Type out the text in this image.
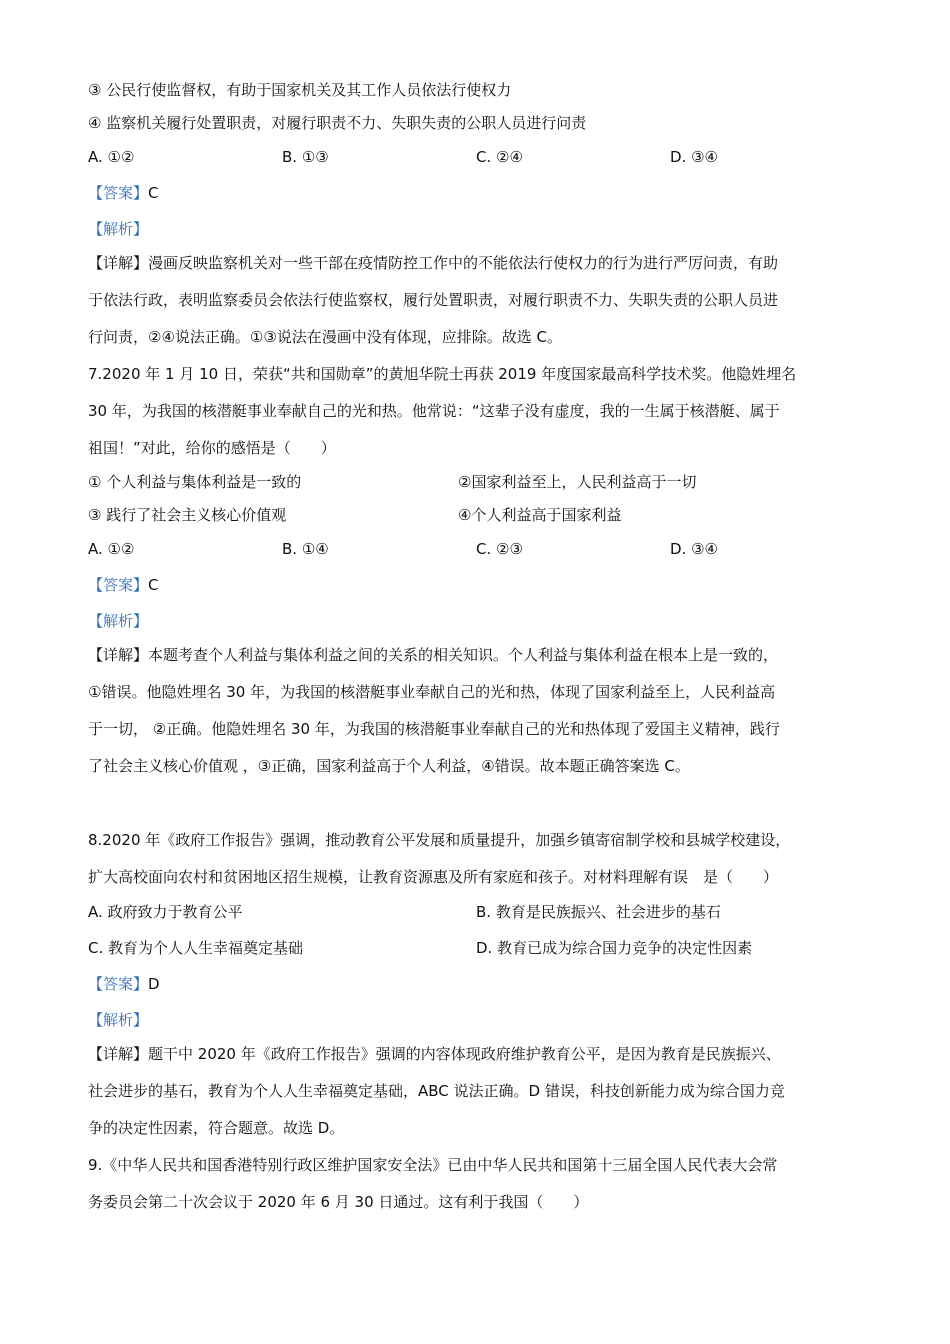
③ 公民行使监督权，有助于国家机关及其工作人员依法行使权力
④ 监察机关履行处置职责，对履行职责不力、失职失责的公职人员进行问责
A. ①②	B. ①③	C. ②④	D. ③④
【答案】C
【解析】
【详解】漫画反映监察机关对一些干部在疫情防控工作中的不能依法行使权力的行为进行严厉问责，有助
于依法行政，表明监察委员会依法行使监察权，履行处置职责，对履行职责不力、失职失责的公职人员进
行问责，②④说法正确。①③说法在漫画中没有体现，应排除。故选 C。
7.2020 年 1 月 10 日，荣获“共和国勋章”的黄旭华院士再获 2019 年度国家最高科学技术奖。他隐姓埋名
30 年，为我国的核潜艇事业奉献自己的光和热。他常说：“这辈子没有虚度，我的一生属于核潜艇、属于
祖国！”对此，给你的感悟是（　　）
① 个人利益与集体利益是一致的	②国家利益至上，人民利益高于一切
③ 践行了社会主义核心价值观	④个人利益高于国家利益
A. ①②	B. ①④	C. ②③	D. ③④
【答案】C
【解析】
【详解】本题考查个人利益与集体利益之间的关系的相关知识。个人利益与集体利益在根本上是一致的，
①错误。他隐姓埋名 30 年，为我国的核潜艇事业奉献自己的光和热，体现了国家利益至上，人民利益高
于一切， ②正确。他隐姓埋名 30 年，为我国的核潜艇事业奉献自己的光和热体现了爱国主义精神，践行
了社会主义核心价值观 ，③正确，国家利益高于个人利益，④错误。故本题正确答案选 C。
8.2020 年《政府工作报告》强调，推动教育公平发展和质量提升，加强乡镇寄宿制学校和县城学校建设，
扩大高校面向农村和贫困地区招生规模，让教育资源惠及所有家庭和孩子。对材料理解有误　是（　　）
A. 政府致力于教育公平	B. 教育是民族振兴、社会进步的基石
C. 教育为个人人生幸福奠定基础	D. 教育已成为综合国力竞争的决定性因素
【答案】D
【解析】
【详解】题干中 2020 年《政府工作报告》强调的内容体现政府维护教育公平，是因为教育是民族振兴、
社会进步的基石，教育为个人人生幸福奠定基础，ABC 说法正确。D 错误，科技创新能力成为综合国力竞
争的决定性因素，符合题意。故选 D。
9.《中华人民共和国香港特别行政区维护国家安全法》已由中华人民共和国第十三届全国人民代表大会常
务委员会第二十次会议于 2020 年 6 月 30 日通过。这有利于我国（　　）
